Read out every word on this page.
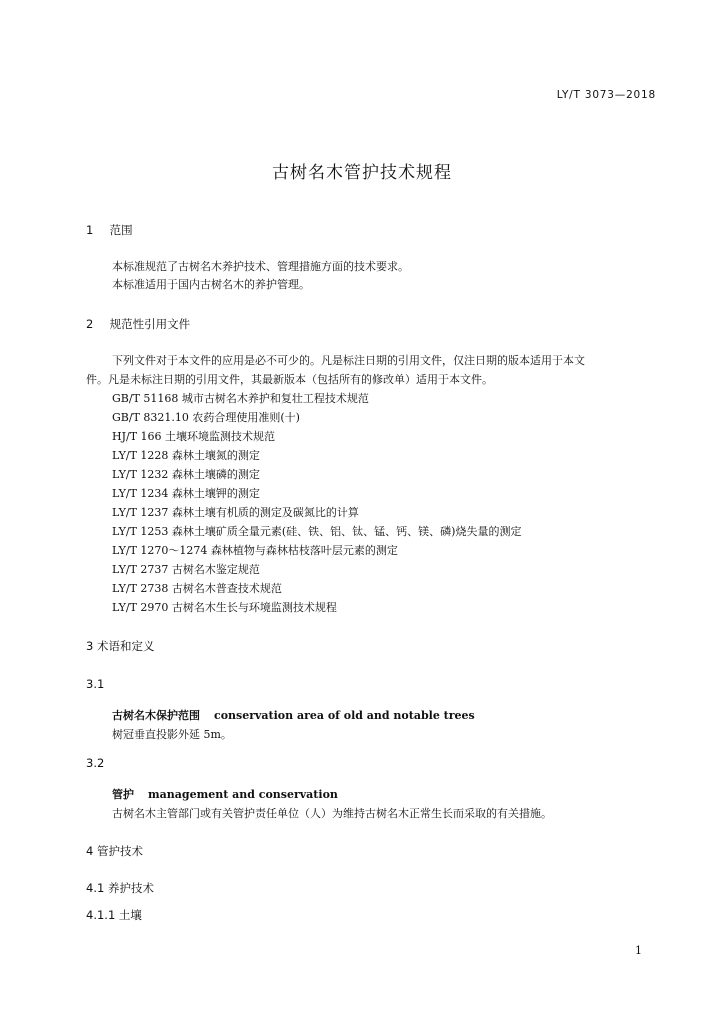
LY/T 3073—2018
古树名木管护技术规程
1 范围
本标准规范了古树名木养护技术、管理措施方面的技术要求。
本标准适用于国内古树名木的养护管理。
2 规范性引用文件
下列文件对于本文件的应用是必不可少的。凡是标注日期的引用文件，仅注日期的版本适用于本文
件。凡是未标注日期的引用文件，其最新版本（包括所有的修改单）适用于本文件。
GB/T 51168 城市古树名木养护和复壮工程技术规范
GB/T 8321.10 农药合理使用准则(十)
HJ/T 166 土壤环境监测技术规范
LY/T 1228 森林土壤氮的测定
LY/T 1232 森林土壤磷的测定
LY/T 1234 森林土壤钾的测定
LY/T 1237 森林土壤有机质的测定及碳氮比的计算
LY/T 1253 森林土壤矿质全量元素(硅、铁、铝、钛、锰、钙、镁、磷)烧失量的测定
LY/T 1270～1274 森林植物与森林枯枝落叶层元素的测定
LY/T 2737 古树名木鉴定规范
LY/T 2738 古树名木普查技术规范
LY/T 2970 古树名木生长与环境监测技术规程
3 术语和定义
3.1
古树名木保护范围 conservation area of old and notable trees
树冠垂直投影外延 5m。
3.2
管护 management and conservation
古树名木主管部门或有关管护责任单位（人）为维持古树名木正常生长而采取的有关措施。
4 管护技术
4.1 养护技术
4.1.1 土壤
1
